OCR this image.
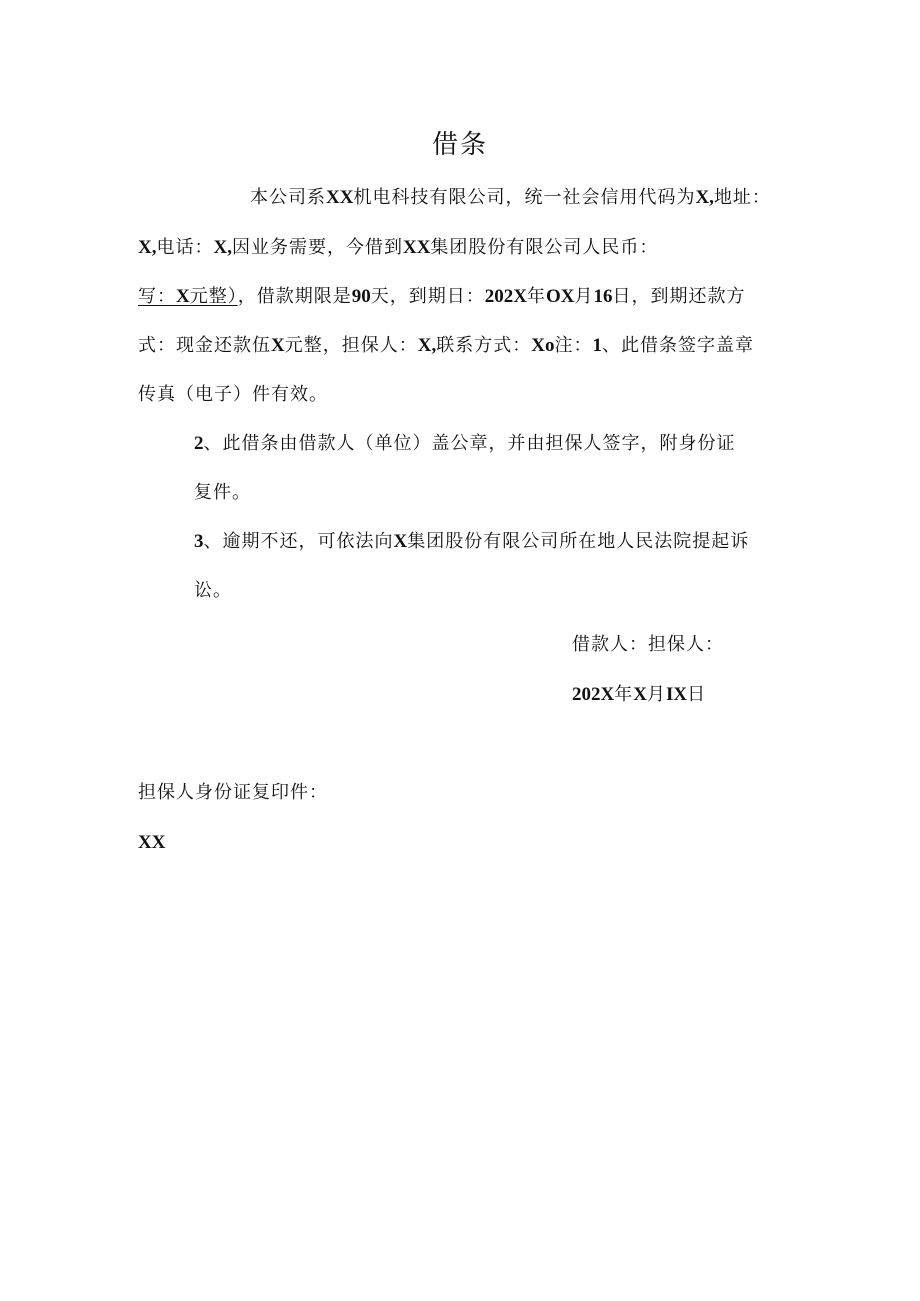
借条
本公司系XX机电科技有限公司，统一社会信用代码为X,地址：
X,电话：X,因业务需要，今借到XX集团股份有限公司人民币：
写：X元整），借款期限是90天，到期日：202X年OX月16日，到期还款方
式：现金还款伍X元整，担保人：X,联系方式：Xo注：1、此借条签字盖章
传真（电子）件有效。
2、此借条由借款人（单位）盖公章，并由担保人签字，附身份证
复件。
3、逾期不还，可依法向X集团股份有限公司所在地人民法院提起诉
讼。
借款人：担保人：
202X年X月IX日
担保人身份证复印件：
XX
